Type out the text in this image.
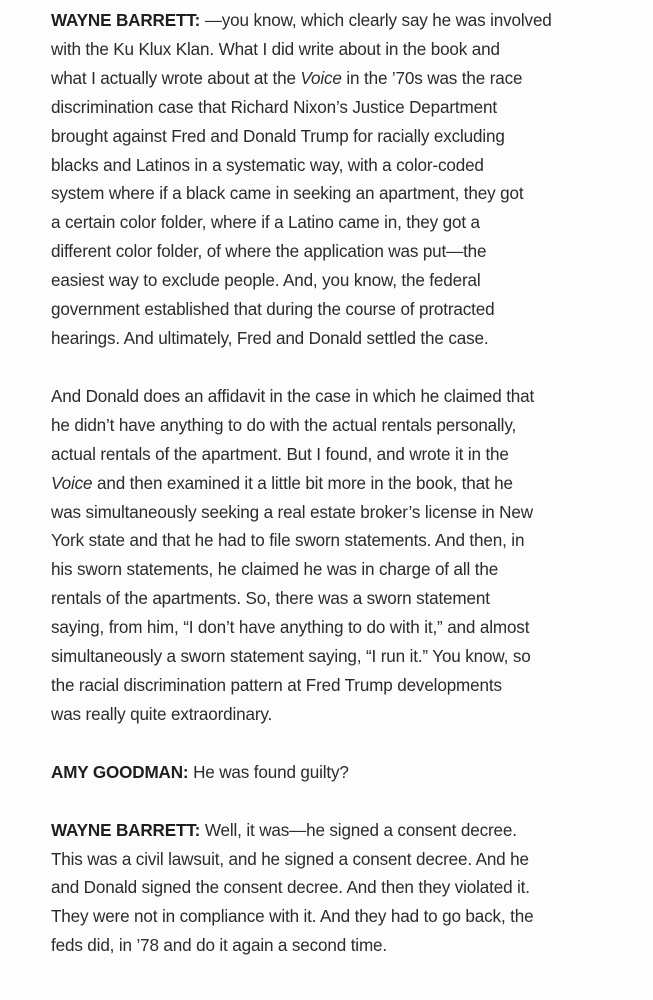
WAYNE BARRETT: —you know, which clearly say he was involved
with the Ku Klux Klan. What I did write about in the book and
what I actually wrote about at the Voice in the ’70s was the race
discrimination case that Richard Nixon’s Justice Department
brought against Fred and Donald Trump for racially excluding
blacks and Latinos in a systematic way, with a color-coded
system where if a black came in seeking an apartment, they got
a certain color folder, where if a Latino came in, they got a
different color folder, of where the application was put—the
easiest way to exclude people. And, you know, the federal
government established that during the course of protracted
hearings. And ultimately, Fred and Donald settled the case.

And Donald does an affidavit in the case in which he claimed that
he didn’t have anything to do with the actual rentals personally,
actual rentals of the apartment. But I found, and wrote it in the
Voice and then examined it a little bit more in the book, that he
was simultaneously seeking a real estate broker’s license in New
York state and that he had to file sworn statements. And then, in
his sworn statements, he claimed he was in charge of all the
rentals of the apartments. So, there was a sworn statement
saying, from him, “I don’t have anything to do with it,” and almost
simultaneously a sworn statement saying, “I run it.” You know, so
the racial discrimination pattern at Fred Trump developments
was really quite extraordinary.

AMY GOODMAN: He was found guilty?

WAYNE BARRETT: Well, it was—he signed a consent decree.
This was a civil lawsuit, and he signed a consent decree. And he
and Donald signed the consent decree. And then they violated it.
They were not in compliance with it. And they had to go back, the
feds did, in ’78 and do it again a second time.
